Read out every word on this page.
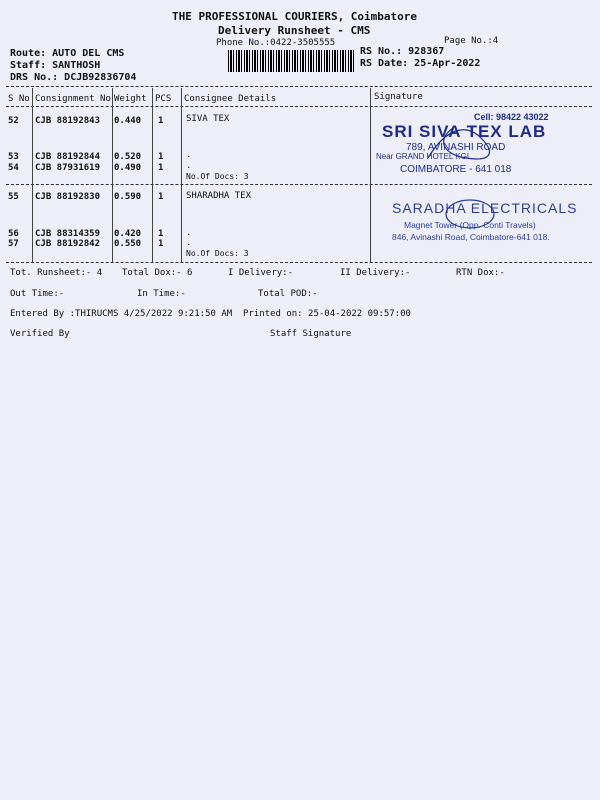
THE PROFESSIONAL COURIERS, Coimbatore
Delivery Runsheet - CMS
Phone No.:0422-3505555	Page No.:4
Route: AUTO DEL CMS
Staff: SANTHOSH
DRS No.: DCJB92836704
RS No.: 928367
RS Date: 25-Apr-2022
S No Consignment No Weight PCS Consignee Details	Signature
52 CJB 88192843 0.440 1	SIVA TEX
53 CJB 88192844 0.520 1	.
54 CJB 87931619 0.490 1	.
No.Of Docs: 3
Cell: 98422 43022
SRI SIVA TEX LAB
789, AVINASHI ROAD
Near GRAND HOTEL KGL
COIMBATORE - 641 018
55 CJB 88192830 0.590 1	SHARADHA TEX
56 CJB 88314359 0.420 1	.
57 CJB 88192842 0.550 1	.
No.Of Docs: 3
SARADHA ELECTRICALS
Magnet Tower (Opp. Conti Travels)
846, Avinashi Road, Coimbatore-641 018.
Tot. Runsheet:- 4 Total Dox:- 6	I Delivery:-	II Delivery:-	RTN Dox:-
Out Time:-	In Time:-	Total POD:-
Entered By :THIRUCMS 4/25/2022 9:21:50 AM Printed on: 25-04-2022 09:57:00
Verified By	Staff Signature
